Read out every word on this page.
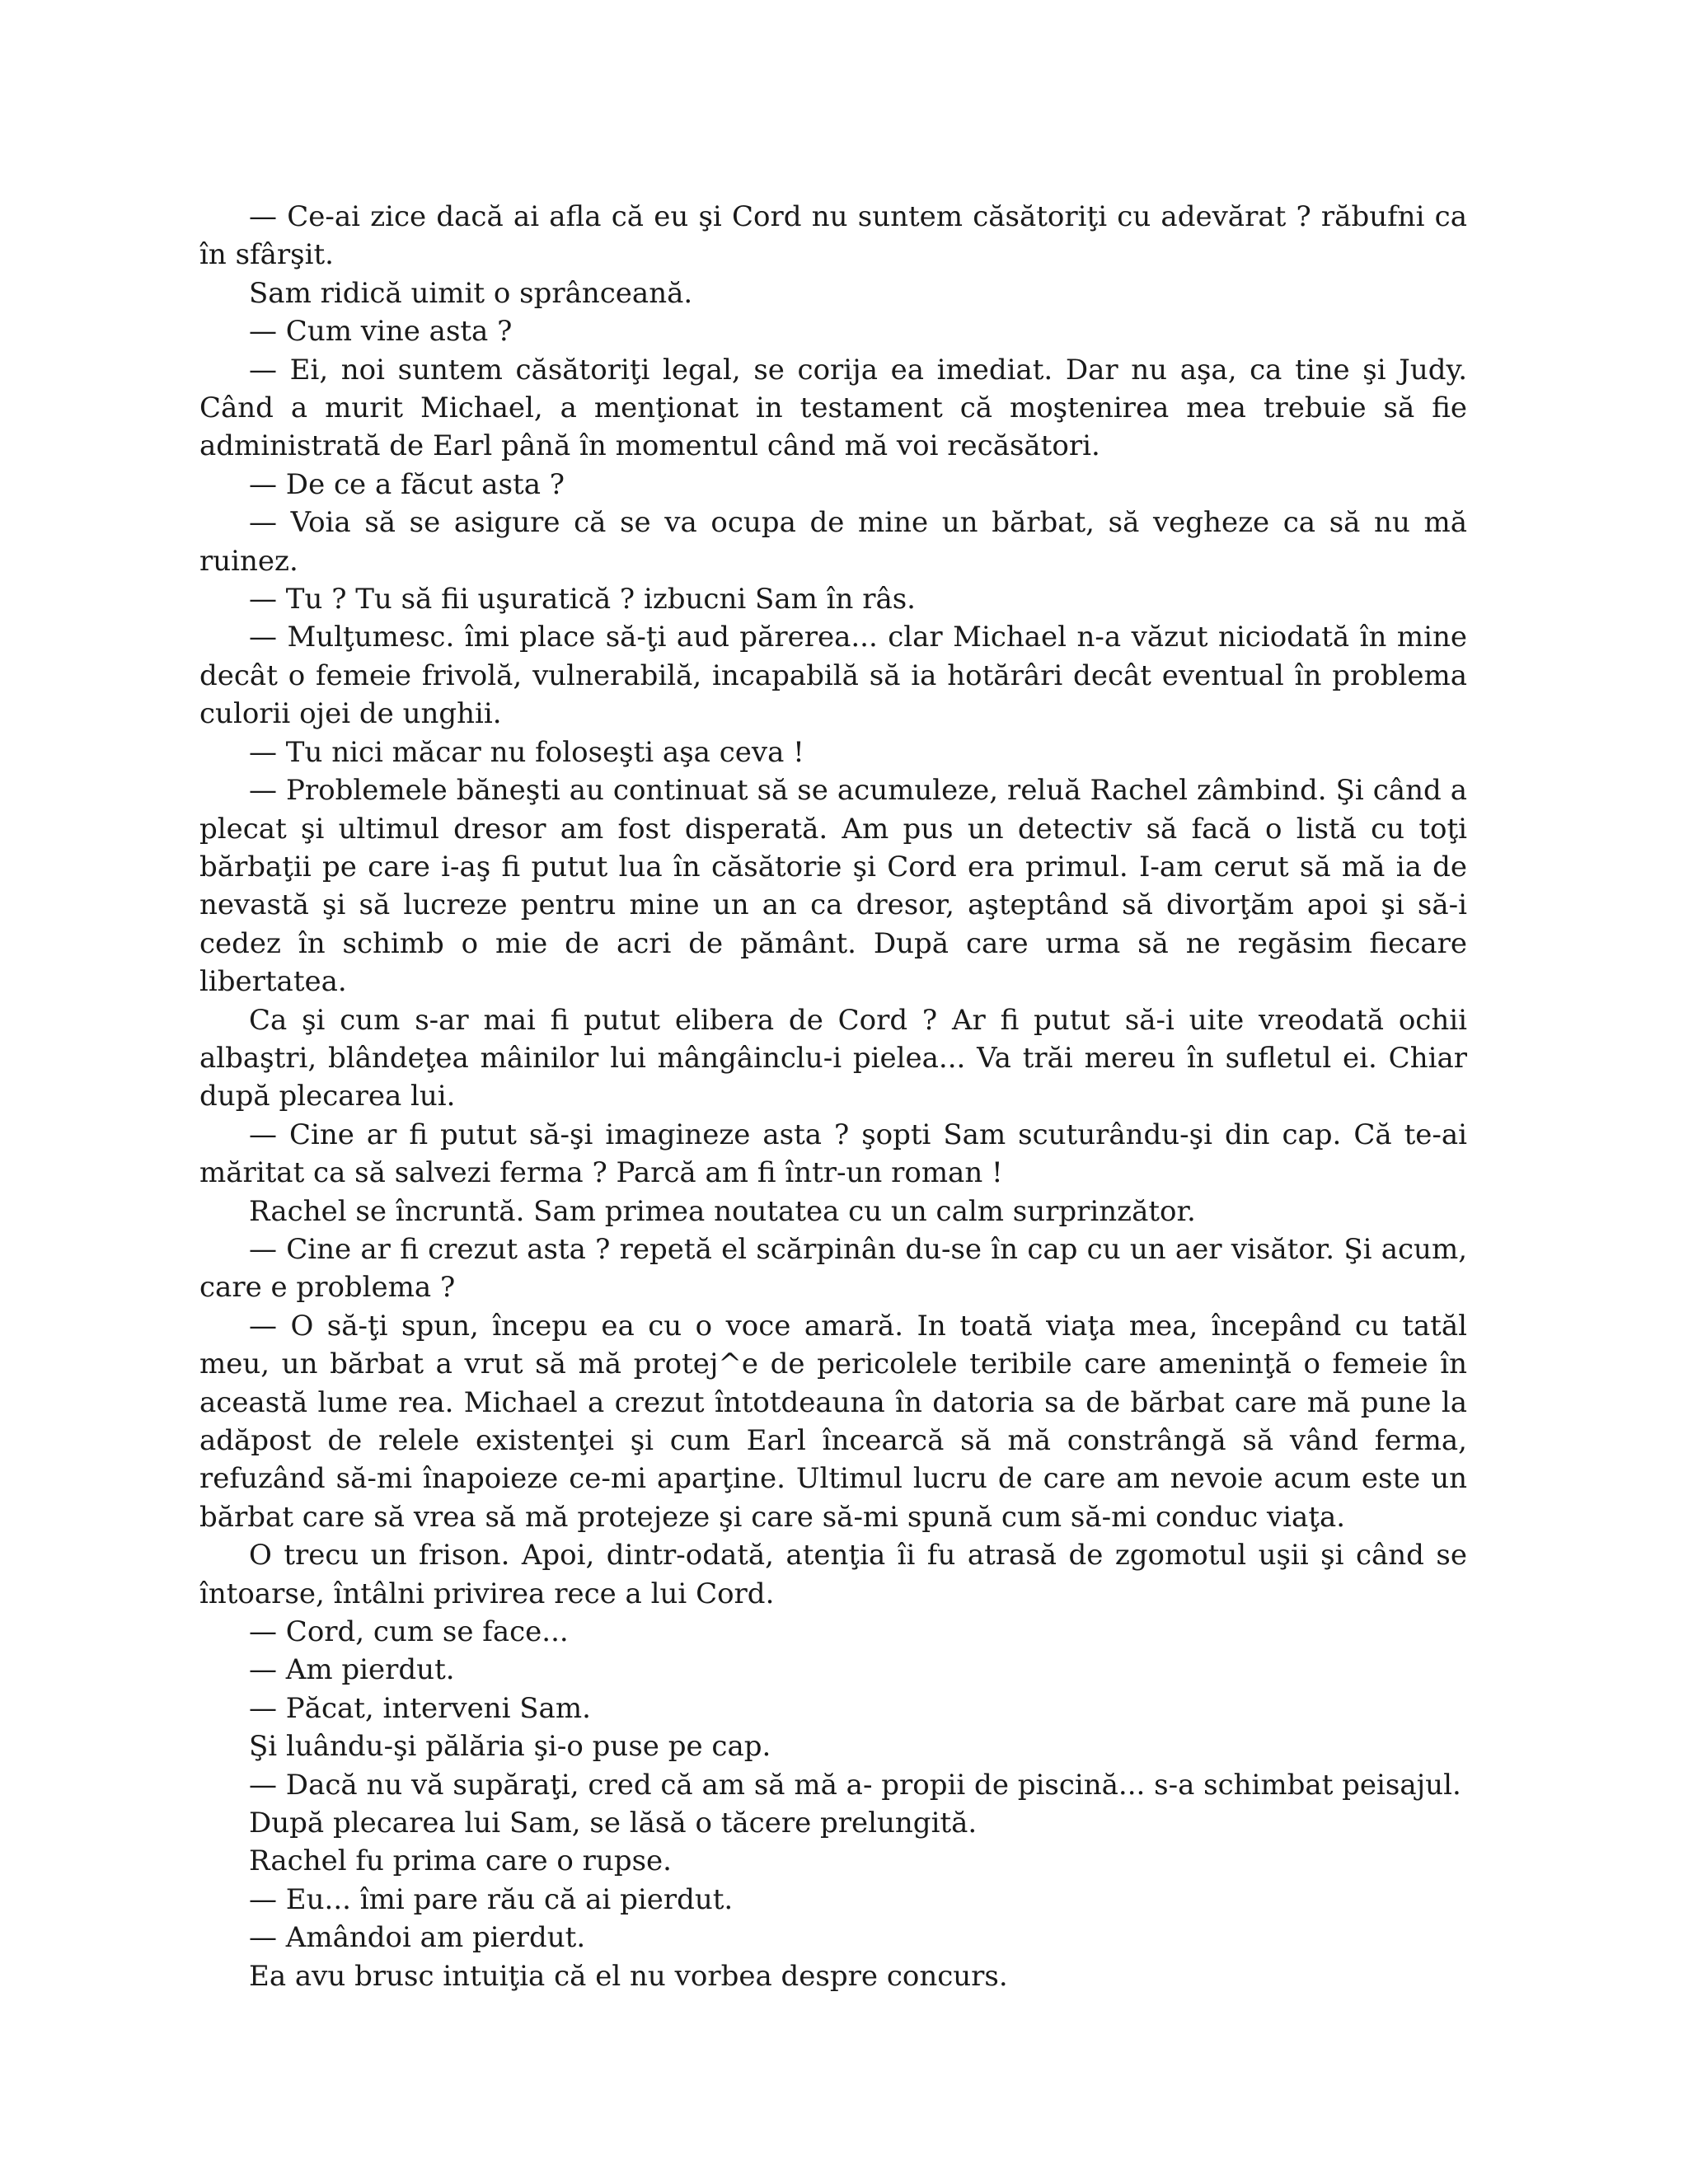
— Ce-ai zice dacă ai afla că eu şi Cord nu suntem căsătoriţi cu adevărat ? răbufni ca în sfârşit.

Sam ridică uimit o sprânceană.

— Cum vine asta ?

— Ei, noi suntem căsătoriţi legal, se corija ea imediat. Dar nu aşa, ca tine şi Judy. Când a murit Michael, a menţionat in testament că moştenirea mea trebuie să fie administrată de Earl până în momentul când mă voi recăsători.

— De ce a făcut asta ?

— Voia să se asigure că se va ocupa de mine un bărbat, să vegheze ca să nu mă ruinez.

— Tu ? Tu să fii uşuratică ? izbucni Sam în râs.

— Mulţumesc. îmi place să-ţi aud părerea... clar Michael n-a văzut niciodată în mine decât o femeie frivolă, vulnerabilă, incapabilă să ia hotărâri decât eventual în problema culorii ojei de unghii.

— Tu nici măcar nu foloseşti aşa ceva !

— Problemele băneşti au continuat să se acumuleze, reluă Rachel zâmbind. Şi când a plecat şi ultimul dresor am fost disperată. Am pus un detectiv să facă o listă cu toţi bărbaţii pe care i-aş fi putut lua în căsătorie şi Cord era primul. I-am cerut să mă ia de nevastă şi să lucreze pentru mine un an ca dresor, aşteptând să divorţăm apoi şi să-i cedez în schimb o mie de acri de pământ. După care urma să ne regăsim fiecare libertatea.

Ca şi cum s-ar mai fi putut elibera de Cord ? Ar fi putut să-i uite vreodată ochii albaştri, blândeţea mâinilor lui mângâinclu-i pielea... Va trăi mereu în sufletul ei. Chiar după plecarea lui.

— Cine ar fi putut să-şi imagineze asta ? şopti Sam scuturându-şi din cap. Că te-ai măritat ca să salvezi ferma ? Parcă am fi într-un roman !

Rachel se încruntă. Sam primea noutatea cu un calm surprinzător.

— Cine ar fi crezut asta ? repetă el scărpinân du-se în cap cu un aer visător. Şi acum, care e problema ?

— O să-ţi spun, începu ea cu o voce amară. In toată viaţa mea, începând cu tatăl meu, un bărbat a vrut să mă protej^e de pericolele teribile care ameninţă o femeie în această lume rea. Michael a crezut întotdeauna în datoria sa de bărbat care mă pune la adăpost de relele existenţei şi cum Earl încearcă să mă constrângă să vând ferma, refuzând să-mi înapoieze ce-mi aparţine. Ultimul lucru de care am nevoie acum este un bărbat care să vrea să mă protejeze şi care să-mi spună cum să-mi conduc viaţa.

O trecu un frison. Apoi, dintr-odată, atenţia îi fu atrasă de zgomotul uşii şi când se întoarse, întâlni privirea rece a lui Cord.

— Cord, cum se face...

— Am pierdut.

— Păcat, interveni Sam.

Şi luându-şi pălăria şi-o puse pe cap.

— Dacă nu vă supăraţi, cred că am să mă a- propii de piscină... s-a schimbat peisajul.

După plecarea lui Sam, se lăsă o tăcere prelungită.

Rachel fu prima care o rupse.

— Eu... îmi pare rău că ai pierdut.

— Amândoi am pierdut.

Ea avu brusc intuiţia că el nu vorbea despre concurs.
